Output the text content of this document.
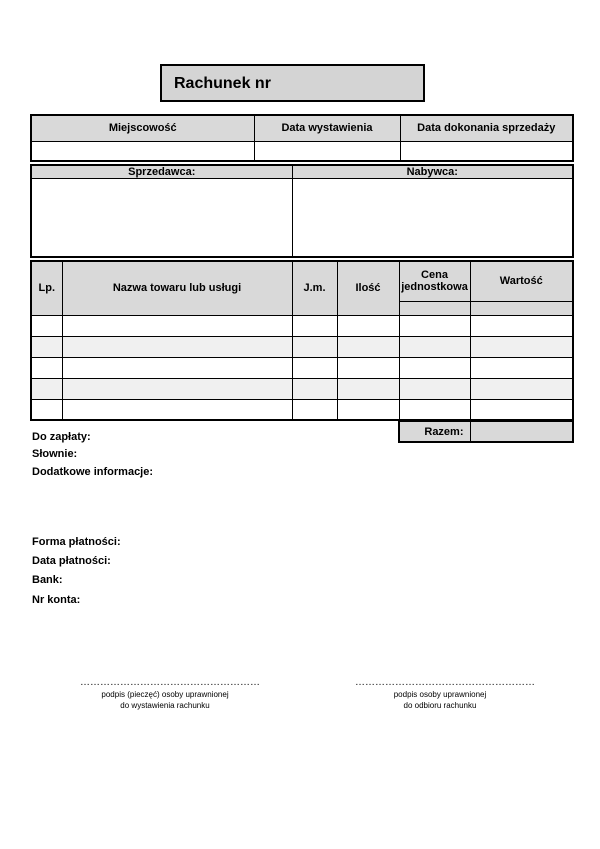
Rachunek nr
Miejscowość	Data wystawienia	Data dokonania sprzedaży

Sprzedawca:	Nabywca:

Lp.	Nazwa towaru lub usługi	J.m.	Ilość	Cena jednostkowa	Wartość

Razem:	
Do zapłaty:
Słownie:
Dodatkowe informacje:
Forma płatności:
Data płatności:
Bank:
Nr konta:
………………………………………………
podpis (pieczęć) osoby uprawnionej
do wystawienia rachunku
………………………………………………
podpis osoby uprawnionej
do odbioru rachunku
